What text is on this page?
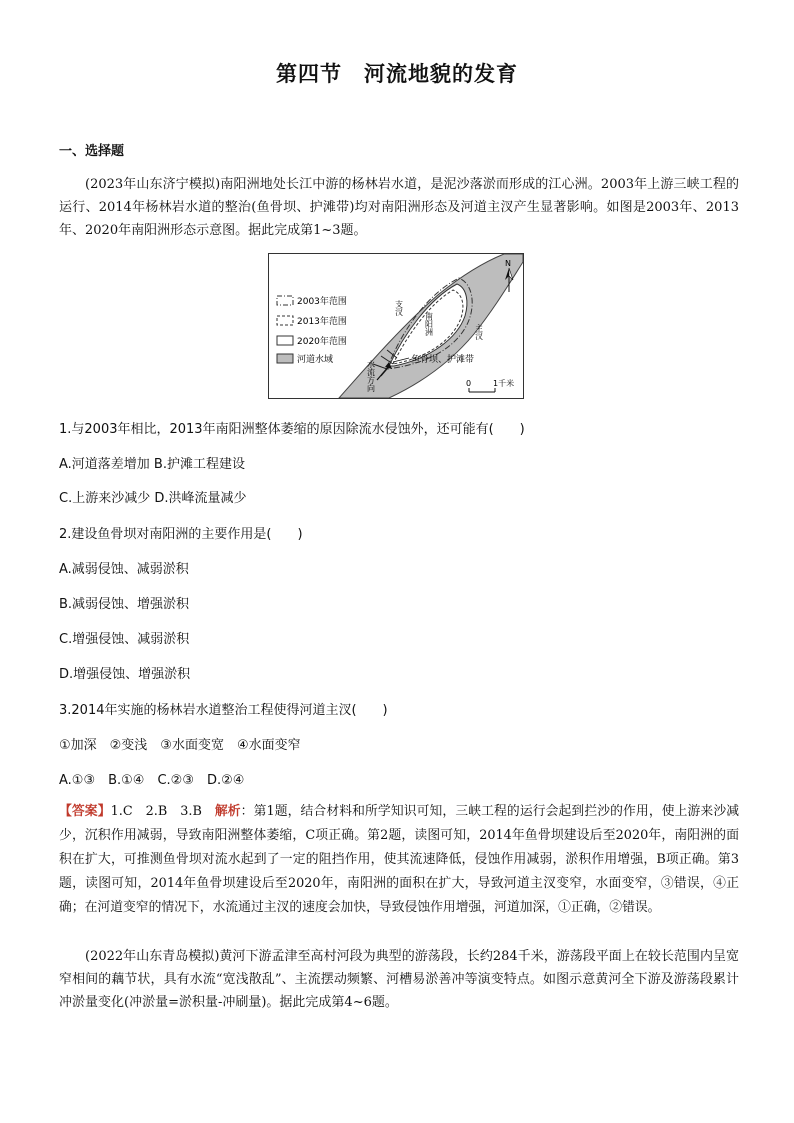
第四节　河流地貌的发育
一、选择题
(2023年山东济宁模拟)南阳洲地处长江中游的杨林岩水道，是泥沙落淤而形成的江心洲。2003年上游三峡工程的运行、2014年杨林岩水道的整治(鱼骨坝、护滩带)均对南阳洲形态及河道主汊产生显著影响。如图是2003年、2013年、2020年南阳洲形态示意图。据此完成第1~3题。
2003年范围
2013年范围
2020年范围
河道水域
支汊
南阳洲	主汊
水流方向	鱼骨坝、护滩带
N
0	1千米
1.与2003年相比，2013年南阳洲整体萎缩的原因除流水侵蚀外，还可能有(　　)
A.河道落差增加 B.护滩工程建设
C.上游来沙减少 D.洪峰流量减少
2.建设鱼骨坝对南阳洲的主要作用是(　　)
A.减弱侵蚀、减弱淤积
B.减弱侵蚀、增强淤积
C.增强侵蚀、减弱淤积
D.增强侵蚀、增强淤积
3.2014年实施的杨林岩水道整治工程使得河道主汊(　　)
①加深　②变浅　③水面变宽　④水面变窄
A.①③　B.①④　C.②③　D.②④
【答案】1.C　2.B　3.B　解析：第1题，结合材料和所学知识可知，三峡工程的运行会起到拦沙的作用，使上游来沙减少，沉积作用减弱，导致南阳洲整体萎缩，C项正确。第2题，读图可知，2014年鱼骨坝建设后至2020年，南阳洲的面积在扩大，可推测鱼骨坝对流水起到了一定的阻挡作用，使其流速降低，侵蚀作用减弱，淤积作用增强，B项正确。第3题，读图可知，2014年鱼骨坝建设后至2020年，南阳洲的面积在扩大，导致河道主汊变窄，水面变窄，③错误，④正确；在河道变窄的情况下，水流通过主汊的速度会加快，导致侵蚀作用增强，河道加深，①正确，②错误。
(2022年山东青岛模拟)黄河下游孟津至高村河段为典型的游荡段，长约284千米，游荡段平面上在较长范围内呈宽窄相间的藕节状，具有水流“宽浅散乱”、主流摆动频繁、河槽易淤善冲等演变特点。如图示意黄河全下游及游荡段累计冲淤量变化(冲淤量=淤积量-冲刷量)。据此完成第4~6题。
